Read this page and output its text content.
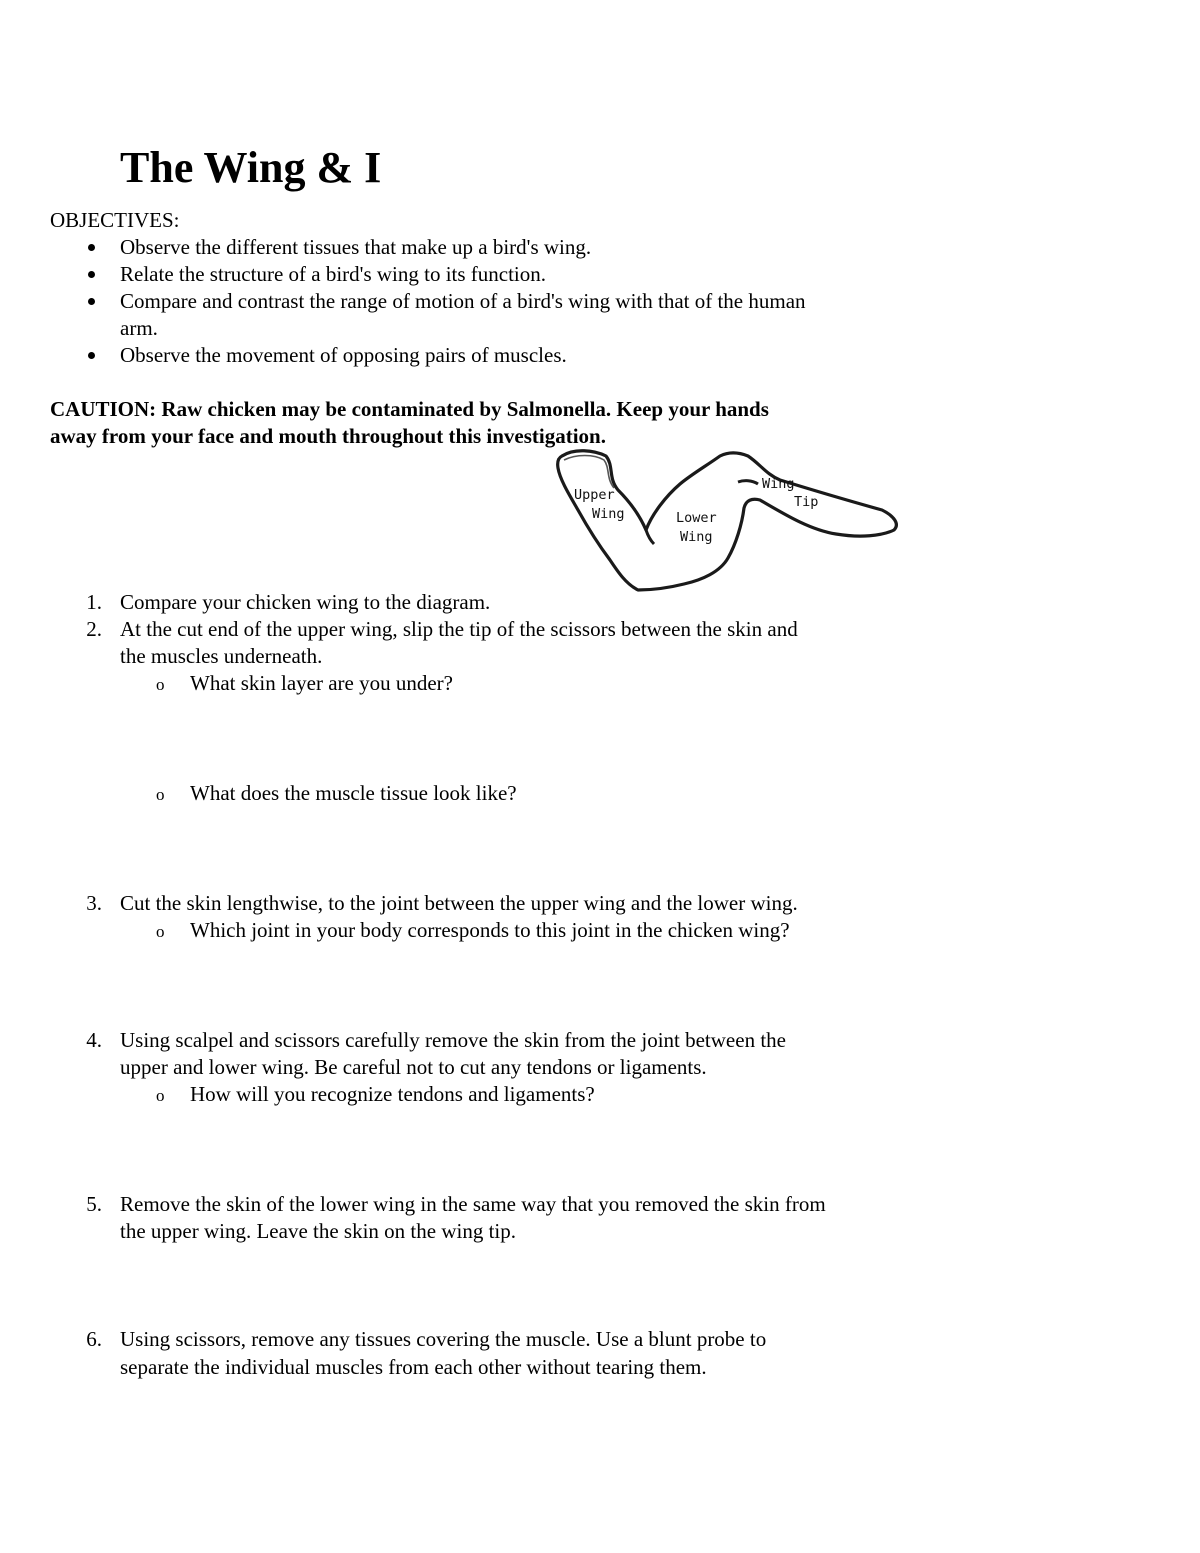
The Wing & I
OBJECTIVES:
Observe the different tissues that make up a bird's wing.
Relate the structure of a bird's wing to its function.
Compare and contrast the range of motion of a bird's wing with that of the human
arm.
Observe the movement of opposing pairs of muscles.
CAUTION: Raw chicken may be contaminated by Salmonella. Keep your hands
away from your face and mouth throughout this investigation.
Upper
Wing	Lower
Wing
Wing
Tip
1. Compare your chicken wing to the diagram.
2. At the cut end of the upper wing, slip the tip of the scissors between the skin and
the muscles underneath.
o What skin layer are you under?
o What does the muscle tissue look like?
3. Cut the skin lengthwise, to the joint between the upper wing and the lower wing.
o Which joint in your body corresponds to this joint in the chicken wing?
4. Using scalpel and scissors carefully remove the skin from the joint between the
upper and lower wing. Be careful not to cut any tendons or ligaments.
o How will you recognize tendons and ligaments?
5. Remove the skin of the lower wing in the same way that you removed the skin from
the upper wing. Leave the skin on the wing tip.
6. Using scissors, remove any tissues covering the muscle. Use a blunt probe to
separate the individual muscles from each other without tearing them.
